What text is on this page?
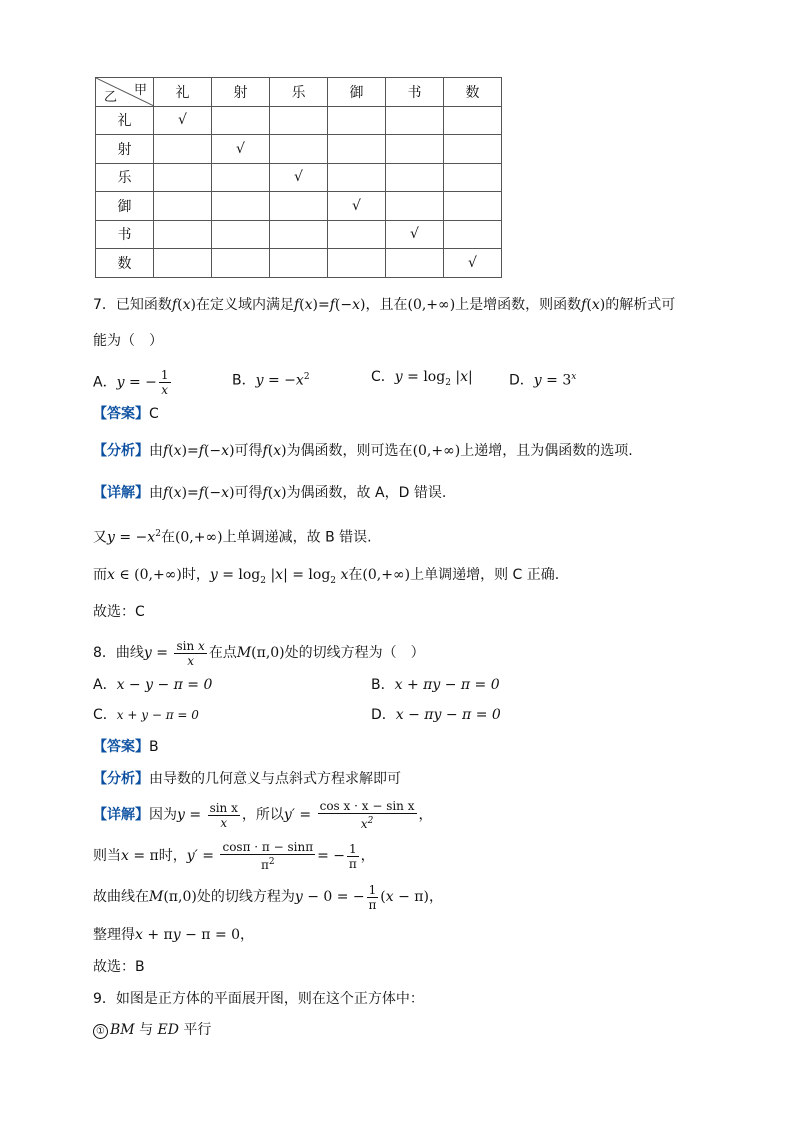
甲
乙	礼	射	乐	御	书	数
礼	√					
射		√				
乐			√			
御				√		
书					√	
数						√
7．已知函数f(x)在定义域内满足f(x)=f(−x)，且在(0,+∞)上是增函数，则函数f(x)的解析式可
能为（　）
A．y = − $\frac{1}{x}$	B．$y = -x^2$	C．$y = \log_2 |x|$	D．$y = 3^x$
【答案】C
【分析】由f(x)=f(−x)可得f(x)为偶函数，则可选在(0,+∞)上递增，且为偶函数的选项.
【详解】由f(x)=f(−x)可得f(x)为偶函数，故 A，D 错误.
又$y = -x^2$在(0,+∞)上单调递减，故 B 错误.
而x ∈ (0,+∞)时，$y = \log_2 |x| = \log_2 x$在(0,+∞)上单调递增，则 C 正确.
故选：C
8．曲线$y = \frac{\text{sin x}}{x}$ 在点M(π,0)处的切线方程为（　）
A．x − y − π = 0	B．x + πy − π = 0
C．x + y − π = 0	D．x − πy − π = 0
【答案】B
【分析】由导数的几何意义与点斜式方程求解即可
【详解】因为$y = \frac{\text{sin x}}{x}$ ，所以$y' = \frac{\text{cos x · x − sin x}}{x^2}$ ，
则当x = π时，$y' = \frac{\cos\pi \cdot \pi - \sin\pi}{\pi^2}$ = − $\frac{1}{\pi}$ ，
故曲线在M(π,0)处的切线方程为y − 0 = − $\frac{1}{\pi} (x - \pi)$，
整理得x + πy − π = 0，
故选：B
9．如图是正方体的平面展开图，则在这个正方体中：
① BM 与 ED 平行
